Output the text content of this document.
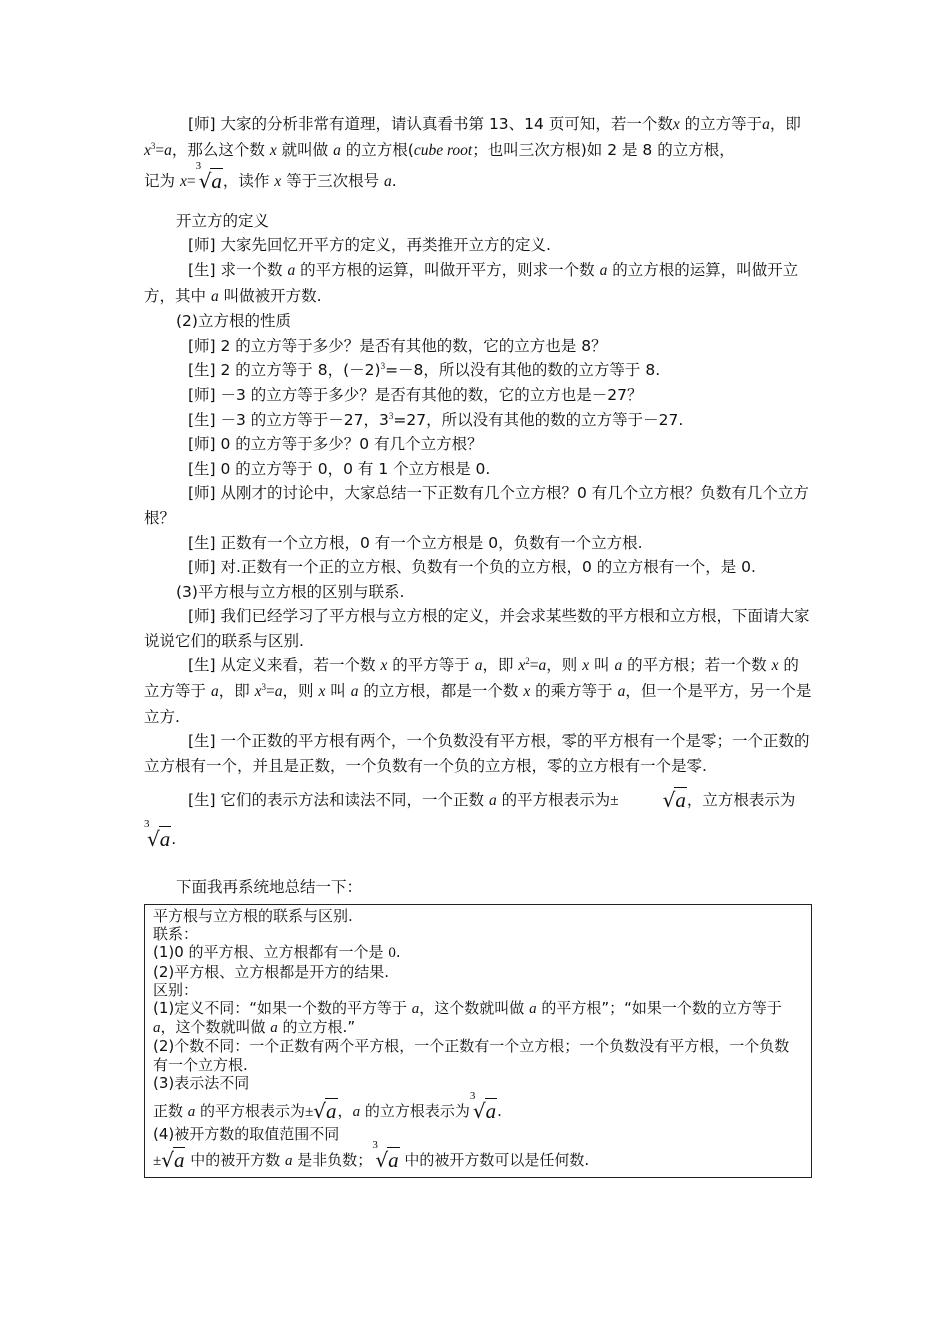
[师] 大家的分析非常有道理，请认真看书第 13、14 页可知，若一个数x 的立方等于a，即 $x^3=a$，那么这个数 x 就叫做 a 的立方根(cube root；也叫三次方根)如 2 是 8 的立方根，

记为 x=
3
√a，读作 x 等于三次根号 a.

开立方的定义

[师] 大家先回忆开平方的定义，再类推开立方的定义.

[生] 求一个数 a 的平方根的运算，叫做开平方，则求一个数 a 的立方根的运算，叫做开立方，其中 a 叫做被开方数.

(2)立方根的性质

[师] 2 的立方等于多少？是否有其他的数，它的立方也是 8？

[生] 2 的立方等于 8，$(-2)^3=-8$，所以没有其他的数的立方等于 8.

[师] －3 的立方等于多少？是否有其他的数，它的立方也是－27？

[生] －3 的立方等于－27，$3^3=27$，所以没有其他的数的立方等于－27.

[师] 0 的立方等于多少？0 有几个立方根？

[生] 0 的立方等于 0，0 有 1 个立方根是 0.

[师] 从刚才的讨论中，大家总结一下正数有几个立方根？0 有几个立方根？负数有几个立方根？

[生] 正数有一个立方根，0 有一个立方根是 0，负数有一个立方根.

[师] 对.正数有一个正的立方根、负数有一个负的立方根，0 的立方根有一个，是 0.

(3)平方根与立方根的区别与联系.

[师] 我们已经学习了平方根与立方根的定义，并会求某些数的平方根和立方根，下面请大家说说它们的联系与区别.

[生] 从定义来看，若一个数 x 的平方等于 a，即 $x^2=a$，则 x 叫 a 的平方根；若一个数 x 的立方等于 a，即 $x^3=a$，则 x 叫 a 的立方根，都是一个数 x 的乘方等于 a，但一个是平方，另一个是立方.

[生] 一个正数的平方根有两个，一个负数没有平方根，零的平方根有一个是零；一个正数的立方根有一个，并且是正数，一个负数有一个负的立方根，零的立方根有一个是零.

[生] 它们的表示方法和读法不同，一个正数 a 的平方根表示为± √a，立方根表示为

3
√a.

下面我再系统地总结一下：

平方根与立方根的联系与区别.

联系：

(1)0 的平方根、立方根都有一个是 0.

(2)平方根、立方根都是开方的结果.

区别：

(1)定义不同：“如果一个数的平方等于 a，这个数就叫做 a 的平方根”；“如果一个数的立方等于 a，这个数就叫做 a 的立方根.”

(2)个数不同：一个正数有两个平方根，一个正数有一个立方根；一个负数没有平方根，一个负数有一个立方根.

(3)表示法不同

正数 a 的平方根表示为±√a，a 的立方根表示为
3
√a.

(4)被开方数的取值范围不同

±√a 中的被开方数 a 是非负数；
3
√a 中的被开方数可以是任何数.
